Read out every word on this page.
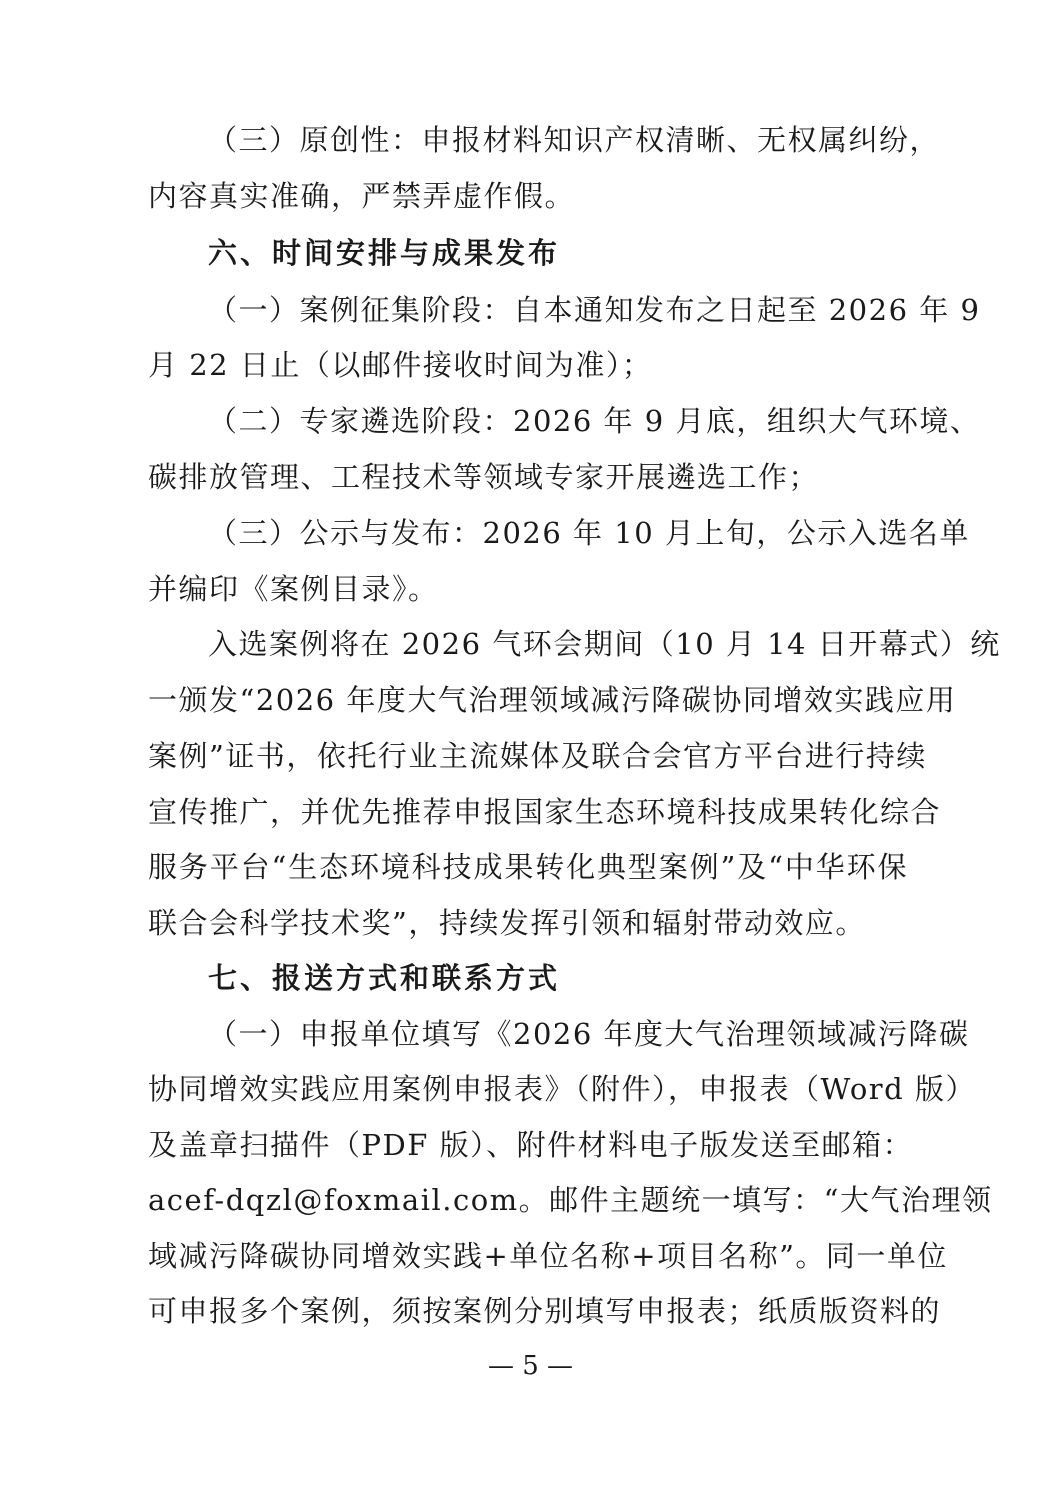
（三）原创性：申报材料知识产权清晰、无权属纠纷，
内容真实准确，严禁弄虚作假。
六、时间安排与成果发布
（一）案例征集阶段：自本通知发布之日起至 2026 年 9
月 22 日止（以邮件接收时间为准）；
（二）专家遴选阶段：2026 年 9 月底，组织大气环境、
碳排放管理、工程技术等领域专家开展遴选工作；
（三）公示与发布：2026 年 10 月上旬，公示入选名单
并编印《案例目录》。
入选案例将在 2026 气环会期间（10 月 14 日开幕式）统
一颁发“2026 年度大气治理领域减污降碳协同增效实践应用
案例”证书，依托行业主流媒体及联合会官方平台进行持续
宣传推广，并优先推荐申报国家生态环境科技成果转化综合
服务平台“生态环境科技成果转化典型案例”及“中华环保
联合会科学技术奖”，持续发挥引领和辐射带动效应。
七、报送方式和联系方式
（一）申报单位填写《2026 年度大气治理领域减污降碳
协同增效实践应用案例申报表》（附件），申报表（Word 版）
及盖章扫描件（PDF 版）、附件材料电子版发送至邮箱：
acef-dqzl@foxmail.com。邮件主题统一填写：“大气治理领
域减污降碳协同增效实践+单位名称+项目名称”。同一单位
可申报多个案例，须按案例分别填写申报表；纸质版资料的
— 5 —
